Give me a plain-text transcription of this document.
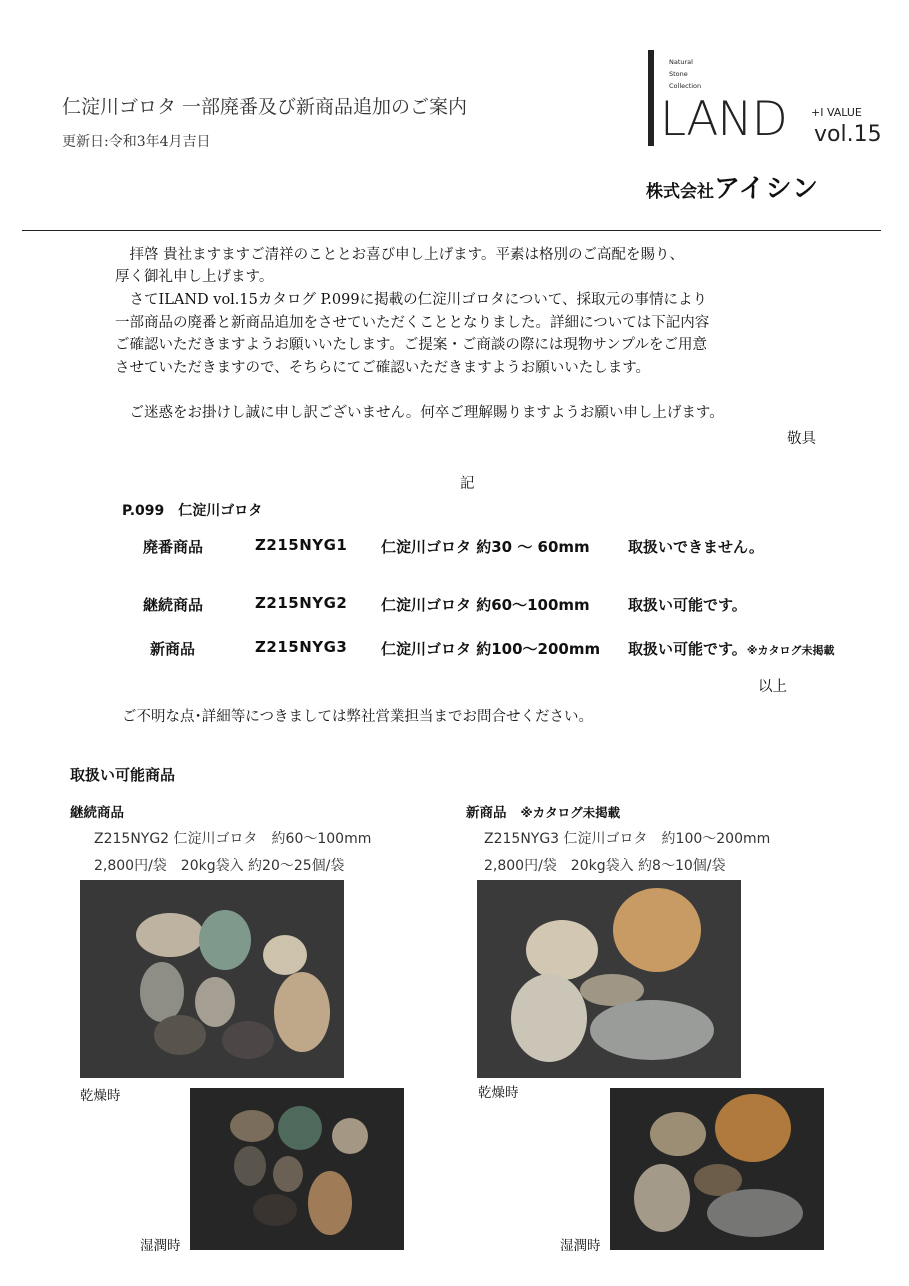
仁淀川ゴロタ 一部廃番及び新商品追加のご案内
更新日:令和3年4月吉日
Natural
Stone
Collection
LAND +I VALUE
vol.15
株式会社アイシン
　拝啓 貴社ますますご清祥のこととお喜び申し上げます。平素は格別のご高配を賜り、
厚く御礼申し上げます。
　さてILAND vol.15カタログ P.099に掲載の仁淀川ゴロタについて、採取元の事情により
一部商品の廃番と新商品追加をさせていただくこととなりました。詳細については下記内容
ご確認いただきますようお願いいたします。ご提案・ご商談の際には現物サンプルをご用意
させていただきますので、そちらにてご確認いただきますようお願いいたします。
　ご迷惑をお掛けし誠に申し訳ございません。何卒ご理解賜りますようお願い申し上げます。
敬具
記
P.099　仁淀川ゴロタ
廃番商品	Z215NYG1 仁淀川ゴロタ 約30 ～ 60mm	取扱いできません。
継続商品	Z215NYG2 仁淀川ゴロタ 約60～100mm	取扱い可能です。
新商品	Z215NYG3 仁淀川ゴロタ 約100～200mm 取扱い可能です。※カタログ未掲載
以上
ご不明な点･詳細等につきましては弊社営業担当までお問合せください。
取扱い可能商品
継続商品
Z215NYG2 仁淀川ゴロタ　約60～100mm
2,800円/袋　20kg袋入 約20～25個/袋
乾燥時
湿潤時
新商品 ※カタログ未掲載
Z215NYG3 仁淀川ゴロタ　約100～200mm
2,800円/袋　20kg袋入 約8～10個/袋
乾燥時
湿潤時
